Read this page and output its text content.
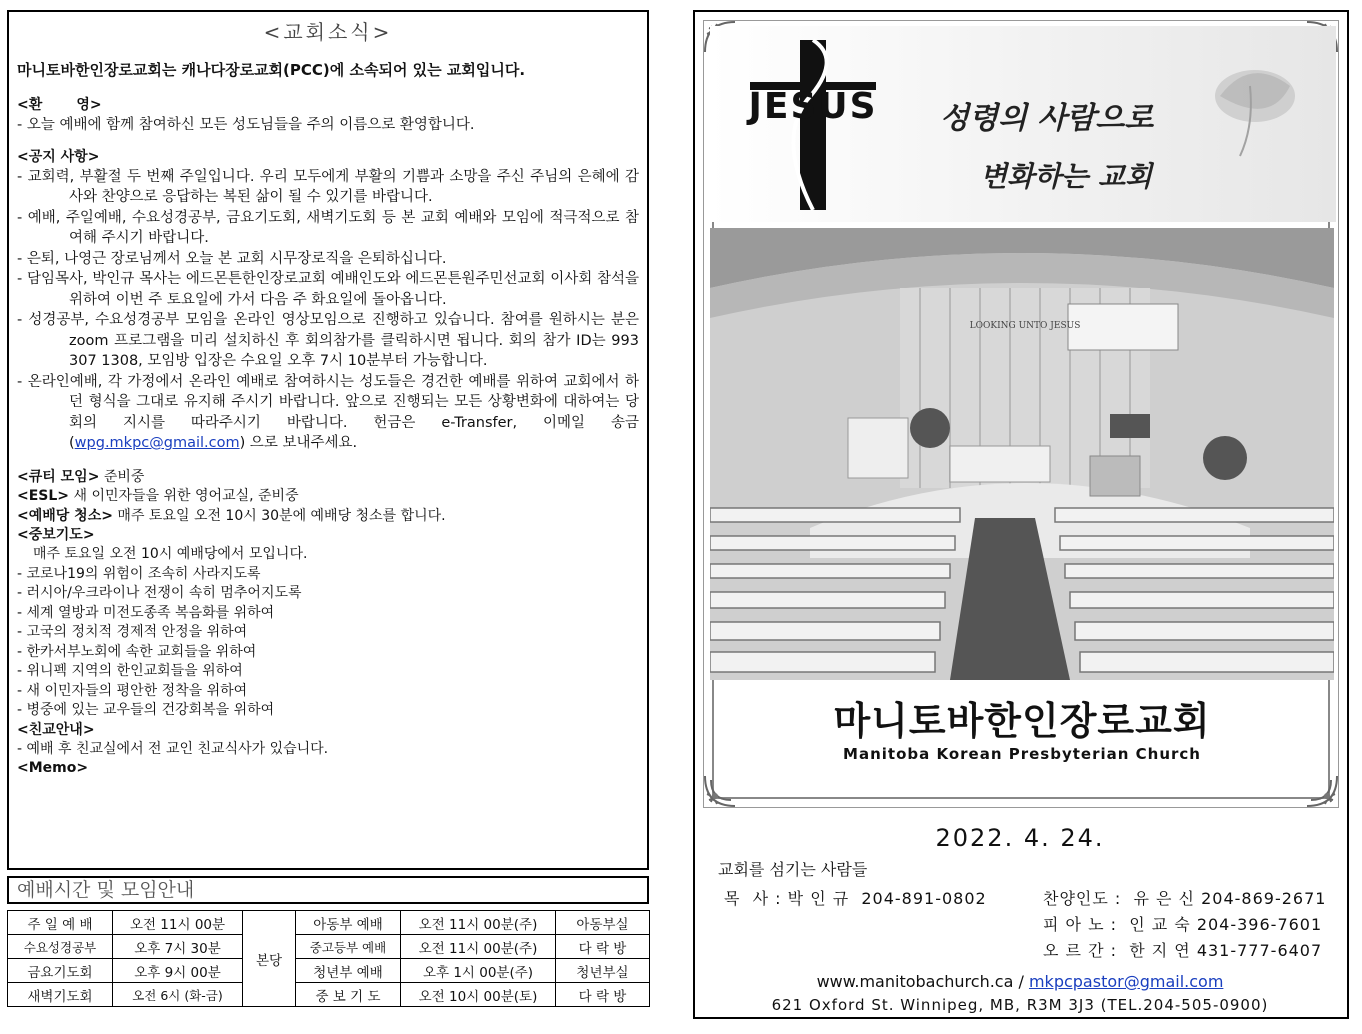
<교회소식>

마니토바한인장로교회는 캐나다장로교회(PCC)에 소속되어 있는 교회입니다.

<환       영>

- 오늘 예배에 함께 참여하신 모든 성도님들을 주의 이름으로 환영합니다.

<공지 사항>

- 교회력, 부활절 두 번째 주일입니다. 우리 모두에게 부활의 기쁨과 소망을 주신 주님의 은혜에 감사와 찬양으로 응답하는 복된 삶이 될 수 있기를 바랍니다.

- 예배, 주일예배, 수요성경공부, 금요기도회, 새벽기도회 등 본 교회 예배와 모임에 적극적으로 참여해 주시기 바랍니다.

- 은퇴, 나영근 장로님께서 오늘 본 교회 시무장로직을 은퇴하십니다.

- 담임목사, 박인규 목사는 에드몬튼한인장로교회 예배인도와 에드몬튼원주민선교회 이사회 참석을 위하여 이번 주 토요일에 가서 다음 주 화요일에 돌아옵니다.

- 성경공부, 수요성경공부 모임을 온라인 영상모임으로 진행하고 있습니다. 참여를 원하시는 분은 zoom 프로그램을 미리 설치하신 후 회의참가를 클릭하시면 됩니다. 회의 참가 ID는 993 307 1308, 모임방 입장은 수요일 오후 7시 10분부터 가능합니다.

- 온라인예배, 각 가정에서 온라인 예배로 참여하시는 성도들은 경건한 예배를 위하여 교회에서 하던 형식을 그대로 유지해 주시기 바랍니다. 앞으로 진행되는 모든 상황변화에 대하여는 당회의 지시를 따라주시기 바랍니다. 헌금은 e-Transfer, 이메일 송금 (wpg.mkpc@gmail.com) 으로 보내주세요.

<큐티 모임> 준비중

<ESL> 새 이민자들을 위한 영어교실, 준비중

<예배당 청소> 매주 토요일 오전 10시 30분에 예배당 청소를 합니다.

<중보기도>

매주 토요일 오전 10시 예배당에서 모입니다.

- 코로나19의 위험이 조속히 사라지도록

- 러시아/우크라이나 전쟁이 속히 멈추어지도록

- 세계 열방과 미전도종족 복음화를 위하여

- 고국의 정치적 경제적 안정을 위하여

- 한카서부노회에 속한 교회들을 위하여

- 위니펙 지역의 한인교회들을 위하여

- 새 이민자들의 평안한 정착을 위하여

- 병중에 있는 교우들의 건강회복을 위하여

<친교안내>

- 예배 후 친교실에서 전 교인 친교식사가 있습니다.

<Memo>

예배시간 및 모임안내
주 일 예 배	오전 11시 00분	본당	아동부 예배	오전 11시 00분(주)	아동부실
수요성경공부	오후 7시 30분		중고등부 예배	오전 11시 00분(주)	다 락 방
금요기도회	오후 9시 00분		청년부 예배	오후 1시 00분(주)	청년부실
새벽기도회	오전 6시 (화-금)		중 보 기 도	오전 10시 00분(토)	다 락 방
JESUS 성령의 사람으로
변화하는 교회
LOOKING UNTO JESUS
마니토바한인장로교회
Manitoba Korean Presbyterian Church
2022. 4. 24.
교회를 섬기는 사람들
목  사 : 박 인 규  204-891-0802	찬양인도 :  유 은 신 204-869-2671
피 아 노 :  인 교 숙 204-396-7601
오 르 간 :  한 지 연 431-777-6407
www.manitobachurch.ca / mkpcpastor@gmail.com
621 Oxford St. Winnipeg, MB, R3M 3J3 (TEL.204-505-0900)
